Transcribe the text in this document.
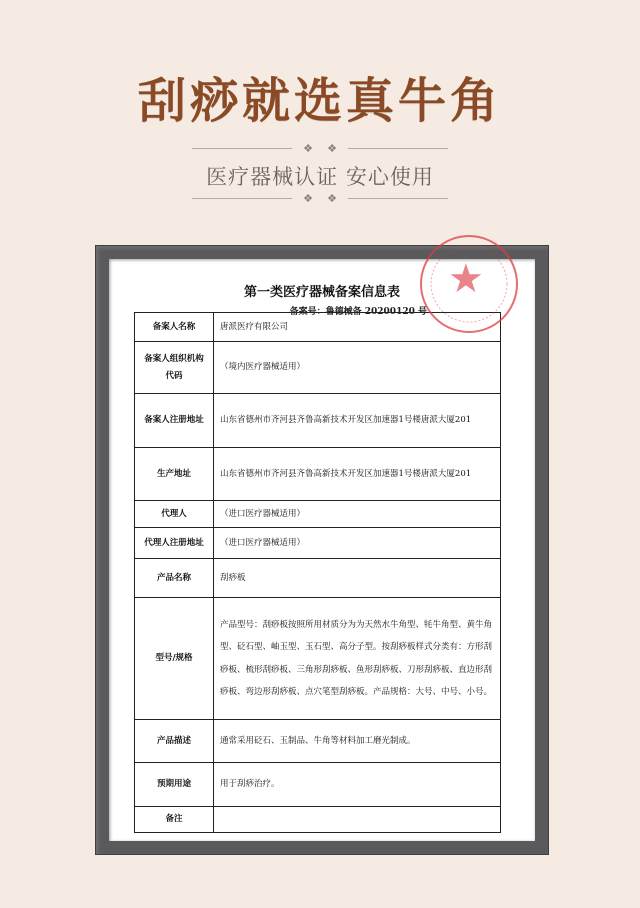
刮痧就选真牛角
❖ ❖
医疗器械认证 安心使用
❖ ❖
第一类医疗器械备案信息表
备案号：鲁德械备 20200120 号
备案人名称	唐派医疗有限公司
备案人组织机构代码	（境内医疗器械适用）
备案人注册地址	山东省德州市齐河县齐鲁高新技术开发区加速器1号楼唐派大厦201
生产地址	山东省德州市齐河县齐鲁高新技术开发区加速器1号楼唐派大厦201
代理人	（进口医疗器械适用）
代理人注册地址	（进口医疗器械适用）
产品名称	刮痧板
型号/规格	产品型号：刮痧板按照所用材质分为为天然水牛角型、牦牛角型、黄牛角型、砭石型、岫玉型、玉石型、高分子型。按刮痧板样式分类有：方形刮痧板、梳形刮痧板、三角形刮痧板、鱼形刮痧板、刀形刮痧板、直边形刮痧板、弯边形刮痧板、点穴笔型刮痧板。产品规格：大号、中号、小号。
产品描述	通常采用砭石、玉制品、牛角等材料加工磨光制成。
预期用途	用于刮痧治疗。
备注	
★
